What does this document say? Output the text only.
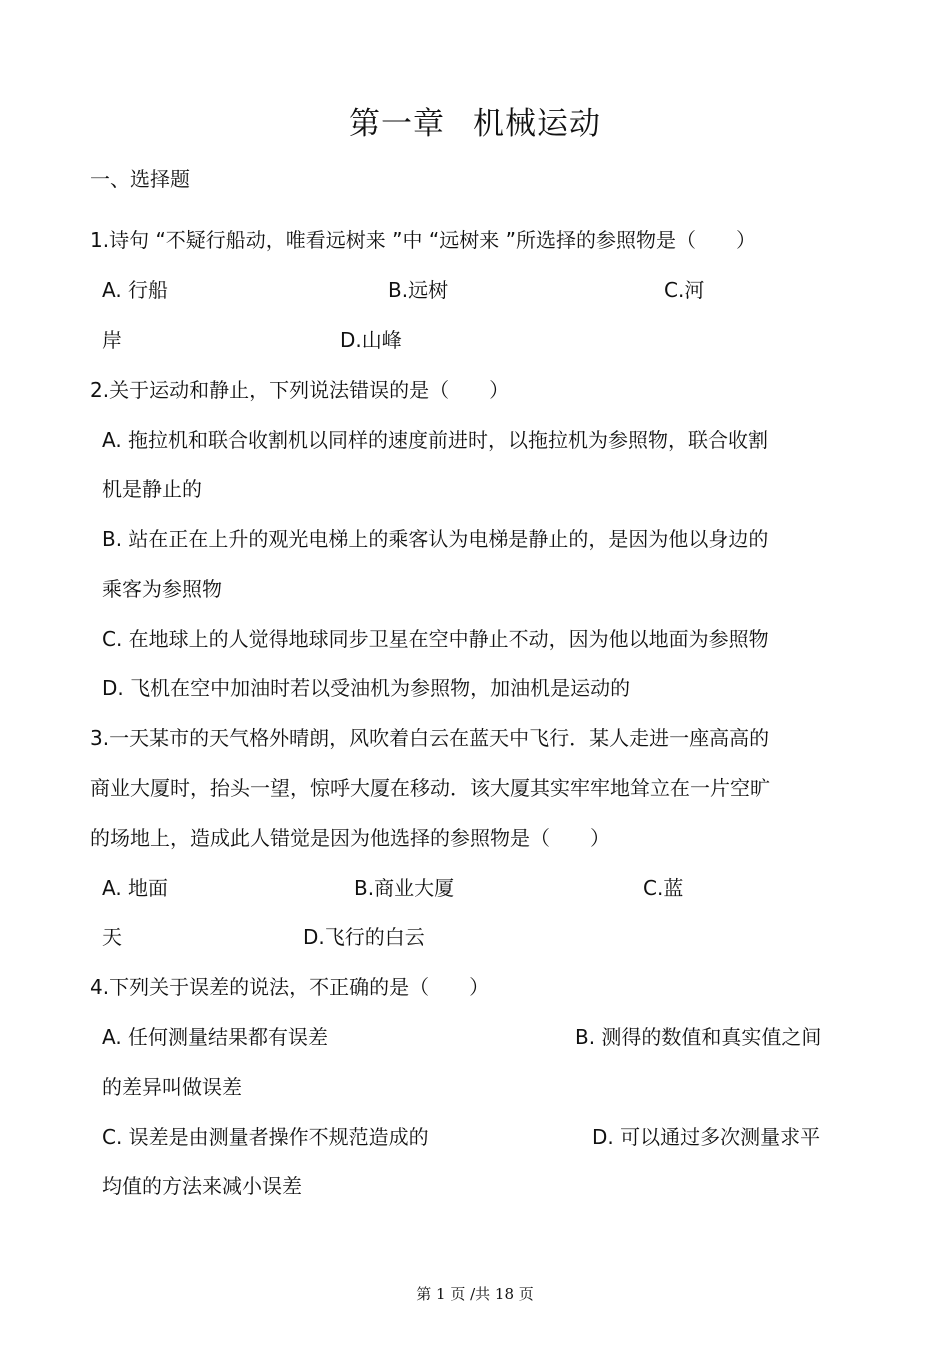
第一章 机械运动
一、选择题
1.诗句 “不疑行船动，唯看远树来 ”中 “远树来 ”所选择的参照物是（　　）
A. 行船	B.远树	C.河
岸	D.山峰
2.关于运动和静止，下列说法错误的是（　　）
A. 拖拉机和联合收割机以同样的速度前进时，以拖拉机为参照物，联合收割
机是静止的
B. 站在正在上升的观光电梯上的乘客认为电梯是静止的，是因为他以身边的
乘客为参照物
C. 在地球上的人觉得地球同步卫星在空中静止不动，因为他以地面为参照物
D. 飞机在空中加油时若以受油机为参照物，加油机是运动的
3.一天某市的天气格外晴朗，风吹着白云在蓝天中飞行．某人走进一座高高的
商业大厦时，抬头一望，惊呼大厦在移动．该大厦其实牢牢地耸立在一片空旷
的场地上，造成此人错觉是因为他选择的参照物是（　　）
A. 地面	B.商业大厦	C.蓝
天	D.飞行的白云
4.下列关于误差的说法，不正确的是（　　）
A. 任何测量结果都有误差	B. 测得的数值和真实值之间
的差异叫做误差
C. 误差是由测量者操作不规范造成的	D. 可以通过多次测量求平
均值的方法来减小误差
第 1 页 /共 18 页
